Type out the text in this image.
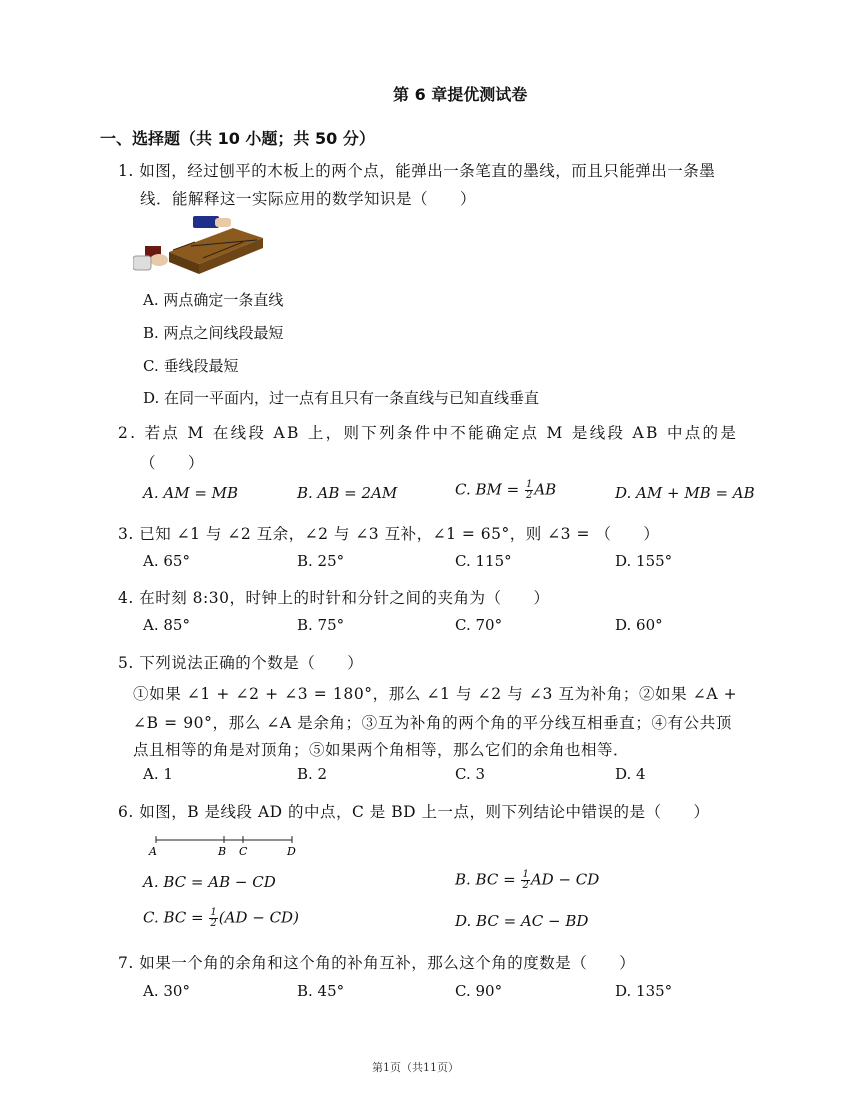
第 6 章提优测试卷
一、选择题（共 10 小题；共 50 分）
1. 如图，经过刨平的木板上的两个点，能弹出一条笔直的墨线，而且只能弹出一条墨
线．能解释这一实际应用的数学知识是（　　）
A. 两点确定一条直线
B. 两点之间线段最短
C. 垂线段最短
D. 在同一平面内，过一点有且只有一条直线与已知直线垂直
2. 若点 M 在线段 AB 上，则下列条件中不能确定点 M 是线段 AB 中点的是
（　　）
A. AM = MB	B. AB = 2AM	C. BM = $\frac{1}{2}$ AB	D. AM + MB = AB
3. 已知 ∠1 与 ∠2 互余，∠2 与 ∠3 互补，∠1 = 65°，则 ∠3 = （　　）
A. 65°	B. 25°	C. 115°	D. 155°
4. 在时刻 8:30，时钟上的时针和分针之间的夹角为（　　）
A. 85°	B. 75°	C. 70°	D. 60°
5. 下列说法正确的个数是（　　）
①如果 ∠1 + ∠2 + ∠3 = 180°，那么 ∠1 与 ∠2 与 ∠3 互为补角；②如果 ∠A +
∠B = 90°，那么 ∠A 是余角；③互为补角的两个角的平分线互相垂直；④有公共顶
点且相等的角是对顶角；⑤如果两个角相等，那么它们的余角也相等．
A. 1	B. 2	C. 3	D. 4
6. 如图，B 是线段 AD 的中点，C 是 BD 上一点，则下列结论中错误的是（　　）
A	B C	D
A. BC = AB − CD	B. BC = $\frac{1}{2}$ AD − CD
C. BC = $\frac{1}{2} (AD - CD)$	D. BC = AC − BD
7. 如果一个角的余角和这个角的补角互补，那么这个角的度数是（　　）
A. 30°	B. 45°	C. 90°	D. 135°
第1页（共11页）
